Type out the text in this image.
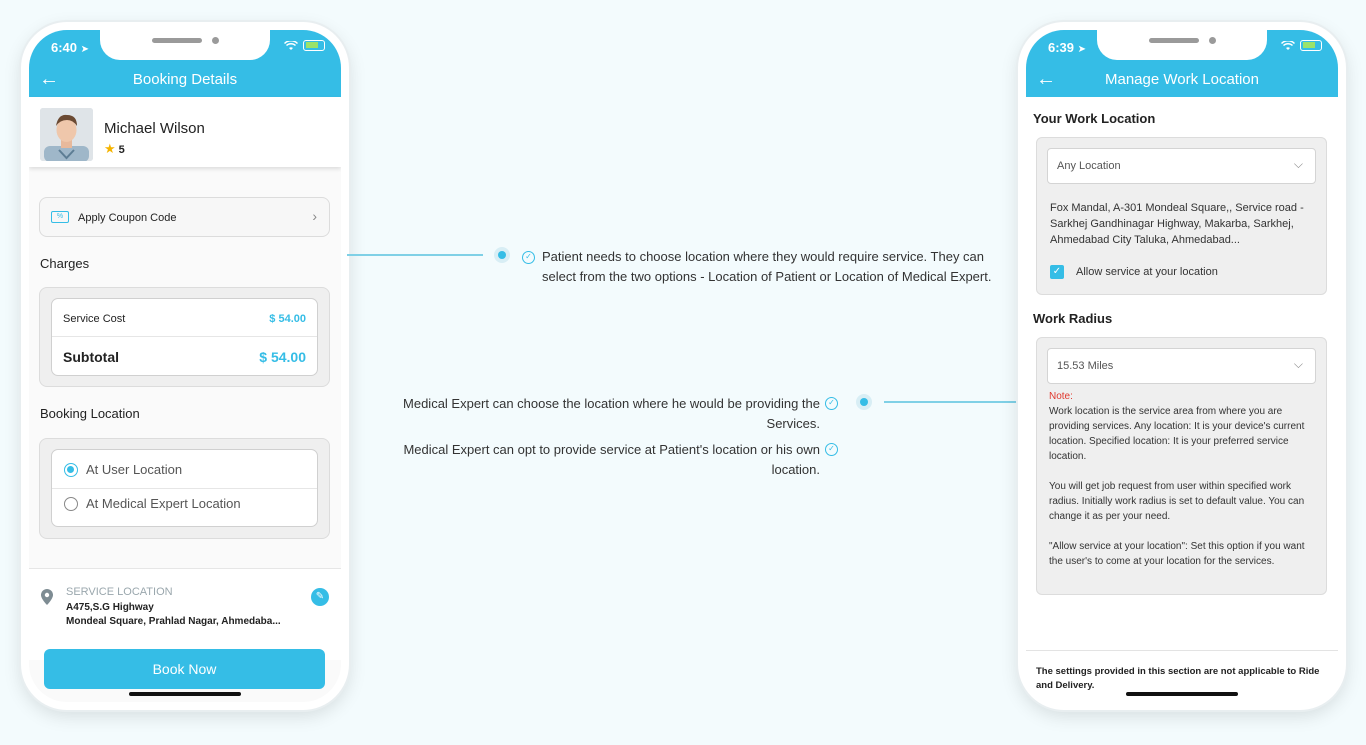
6:40 ➤
←	Booking Details
Michael Wilson
★ 5
%	Apply Coupon Code	›
Charges
Service Cost	$ 54.00
Subtotal	$ 54.00
Booking Location
At User Location
At Medical Expert Location
SERVICE LOCATION
A475,S.G Highway
Mondeal Square, Prahlad Nagar, Ahmedaba...
✎
Book Now
✓ Patient needs to choose location where they would require service. They can select from the two options - Location of Patient or Location of Medical Expert.
Medical Expert can choose the location where he would be providing the Services.
✓
Medical Expert can opt to provide service at Patient's location or his own location.
✓
6:39 ➤
←	Manage Work Location
Your Work Location
Any Location	⌵
Fox Mandal, A-301 Mondeal Square,, Service road - Sarkhej Gandhinagar Highway, Makarba, Sarkhej, Ahmedabad City Taluka, Ahmedabad...
✓ Allow service at your location
Work Radius
15.53 Miles	⌵
Note:
Work location is the service area from where you are providing services. Any location: It is your device's current location. Specified location: It is your preferred service location.

You will get job request from user within specified work radius. Initially work radius is set to default value. You can change it as per your need.

"Allow service at your location": Set this option if you want the user's to come at your location for the services.
The settings provided in this section are not applicable to Ride and Delivery.
